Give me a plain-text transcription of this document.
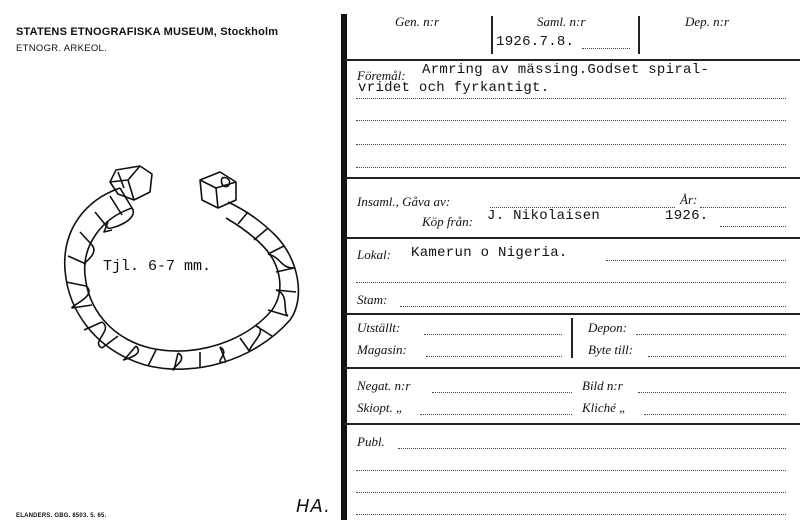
STATENS ETNOGRAFISKA MUSEUM, Stockholm
ETNOGR. ARKEOL.
Tjl. 6-7 mm.
ELANDERS. GBG. 8503. 5. 65.	HA.
Gen. n:r	Saml. n:r
1926.7.8.
Dep. n:r
Föremål: Armring av mässing.Godset spiral-
vridet och fyrkantigt.
Insaml., Gåva av:	År:
Köp från: J. Nikolaisen	1926.
Lokal: Kamerun o Nigeria.
Stam:
Utställt:
Magasin:
Depon:
Byte till:
Negat. n:r	Bild n:r
Skiopt. „	Kliché „
Publ.
